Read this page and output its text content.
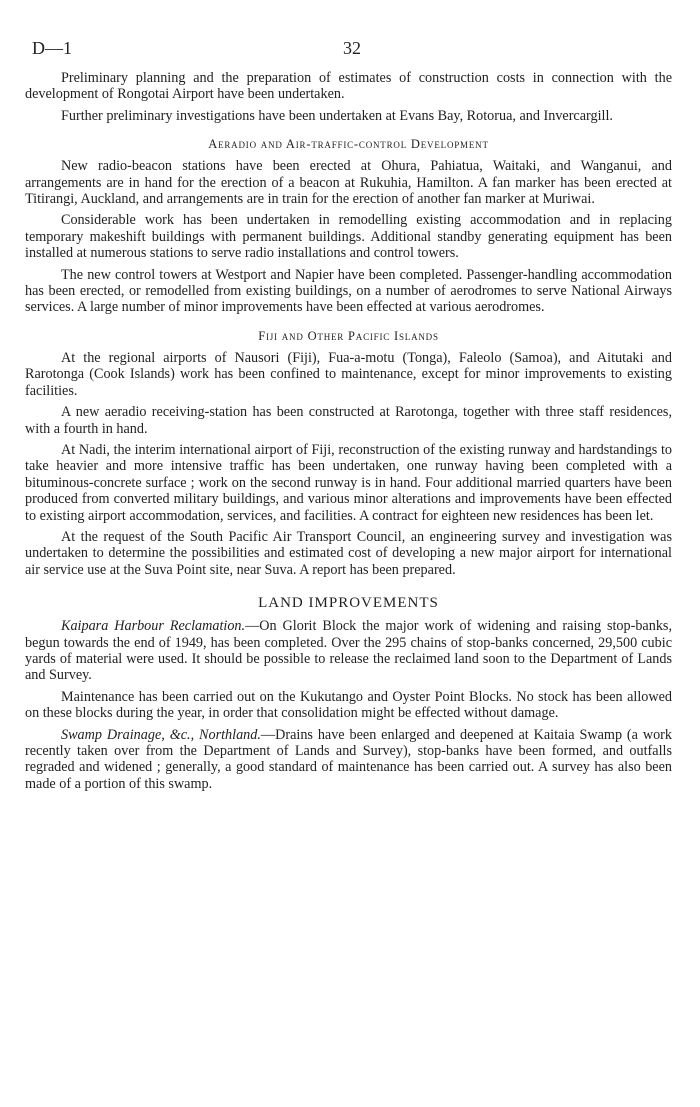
D—1	32

Preliminary planning and the preparation of estimates of construction costs in connection with the development of Rongotai Airport have been undertaken.

Further preliminary investigations have been undertaken at Evans Bay, Rotorua, and Invercargill.

Aeradio and Air-traffic-control Development

New radio-beacon stations have been erected at Ohura, Pahiatua, Waitaki, and Wanganui, and arrangements are in hand for the erection of a beacon at Rukuhia, Hamilton. A fan marker has been erected at Titirangi, Auckland, and arrangements are in train for the erection of another fan marker at Muriwai.

Considerable work has been undertaken in remodelling existing accommodation and in replacing temporary makeshift buildings with permanent buildings. Additional standby generating equipment has been installed at numerous stations to serve radio installations and control towers.

The new control towers at Westport and Napier have been completed. Passenger-handling accommodation has been erected, or remodelled from existing buildings, on a number of aerodromes to serve National Airways services. A large number of minor improvements have been effected at various aerodromes.

Fiji and Other Pacific Islands

At the regional airports of Nausori (Fiji), Fua-a-motu (Tonga), Faleolo (Samoa), and Aitutaki and Rarotonga (Cook Islands) work has been confined to maintenance, except for minor improvements to existing facilities.

A new aeradio receiving-station has been constructed at Rarotonga, together with three staff residences, with a fourth in hand.

At Nadi, the interim international airport of Fiji, reconstruction of the existing runway and hardstandings to take heavier and more intensive traffic has been undertaken, one runway having been completed with a bituminous-concrete surface ; work on the second runway is in hand. Four additional married quarters have been produced from converted military buildings, and various minor alterations and improvements have been effected to existing airport accommodation, services, and facilities. A contract for eighteen new residences has been let.

At the request of the South Pacific Air Transport Council, an engineering survey and investigation was undertaken to determine the possibilities and estimated cost of developing a new major airport for international air service use at the Suva Point site, near Suva. A report has been prepared.

LAND IMPROVEMENTS

Kaipara Harbour Reclamation.—On Glorit Block the major work of widening and raising stop-banks, begun towards the end of 1949, has been completed. Over the 295 chains of stop-banks concerned, 29,500 cubic yards of material were used. It should be possible to release the reclaimed land soon to the Department of Lands and Survey.

Maintenance has been carried out on the Kukutango and Oyster Point Blocks. No stock has been allowed on these blocks during the year, in order that consolidation might be effected without damage.

Swamp Drainage, &c., Northland.—Drains have been enlarged and deepened at Kaitaia Swamp (a work recently taken over from the Department of Lands and Survey), stop-banks have been formed, and outfalls regraded and widened ; generally, a good standard of maintenance has been carried out. A survey has also been made of a portion of this swamp.
